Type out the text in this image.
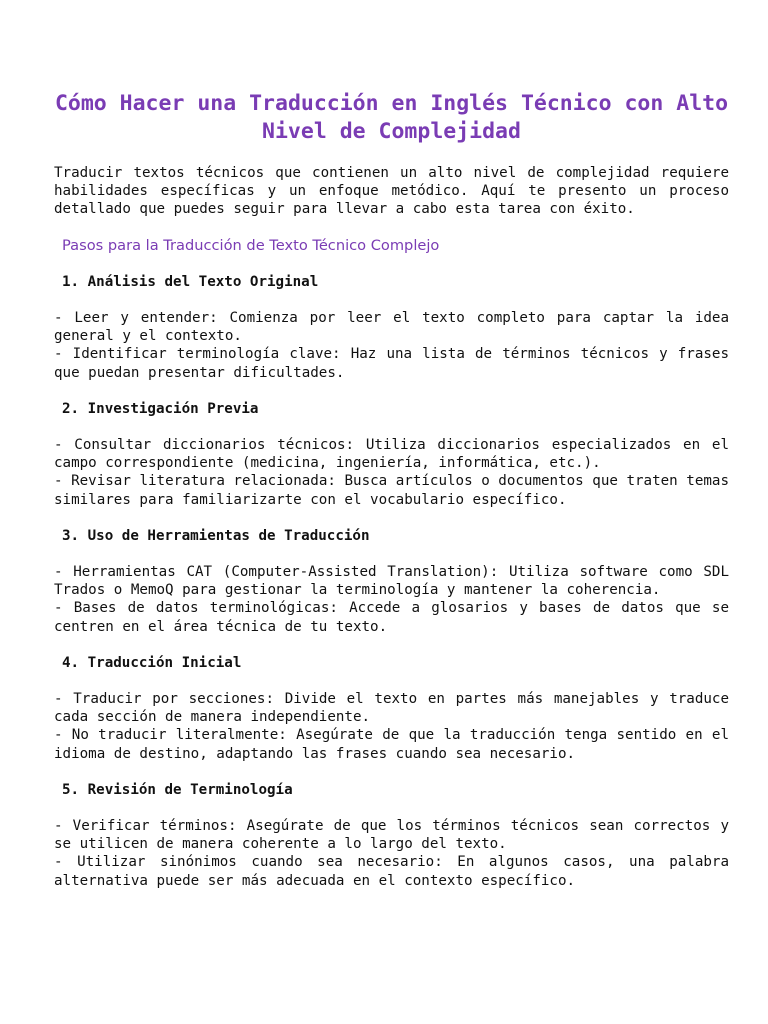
Cómo Hacer una Traducción en Inglés Técnico con Alto Nivel de Complejidad

Traducir textos técnicos que contienen un alto nivel de complejidad requiere habilidades específicas y un enfoque metódico. Aquí te presento un proceso detallado que puedes seguir para llevar a cabo esta tarea con éxito.

Pasos para la Traducción de Texto Técnico Complejo
1. Análisis del Texto Original

- Leer y entender: Comienza por leer el texto completo para captar la idea general y el contexto.

- Identificar terminología clave: Haz una lista de términos técnicos y frases que puedan presentar dificultades.

2. Investigación Previa

- Consultar diccionarios técnicos: Utiliza diccionarios especializados en el campo correspondiente (medicina, ingeniería, informática, etc.).

- Revisar literatura relacionada: Busca artículos o documentos que traten temas similares para familiarizarte con el vocabulario específico.

3. Uso de Herramientas de Traducción

- Herramientas CAT (Computer-Assisted Translation): Utiliza software como SDL Trados o MemoQ para gestionar la terminología y mantener la coherencia.

- Bases de datos terminológicas: Accede a glosarios y bases de datos que se centren en el área técnica de tu texto.

4. Traducción Inicial

- Traducir por secciones: Divide el texto en partes más manejables y traduce cada sección de manera independiente.

- No traducir literalmente: Asegúrate de que la traducción tenga sentido en el idioma de destino, adaptando las frases cuando sea necesario.

5. Revisión de Terminología

- Verificar términos: Asegúrate de que los términos técnicos sean correctos y se utilicen de manera coherente a lo largo del texto.

- Utilizar sinónimos cuando sea necesario: En algunos casos, una palabra alternativa puede ser más adecuada en el contexto específico.
